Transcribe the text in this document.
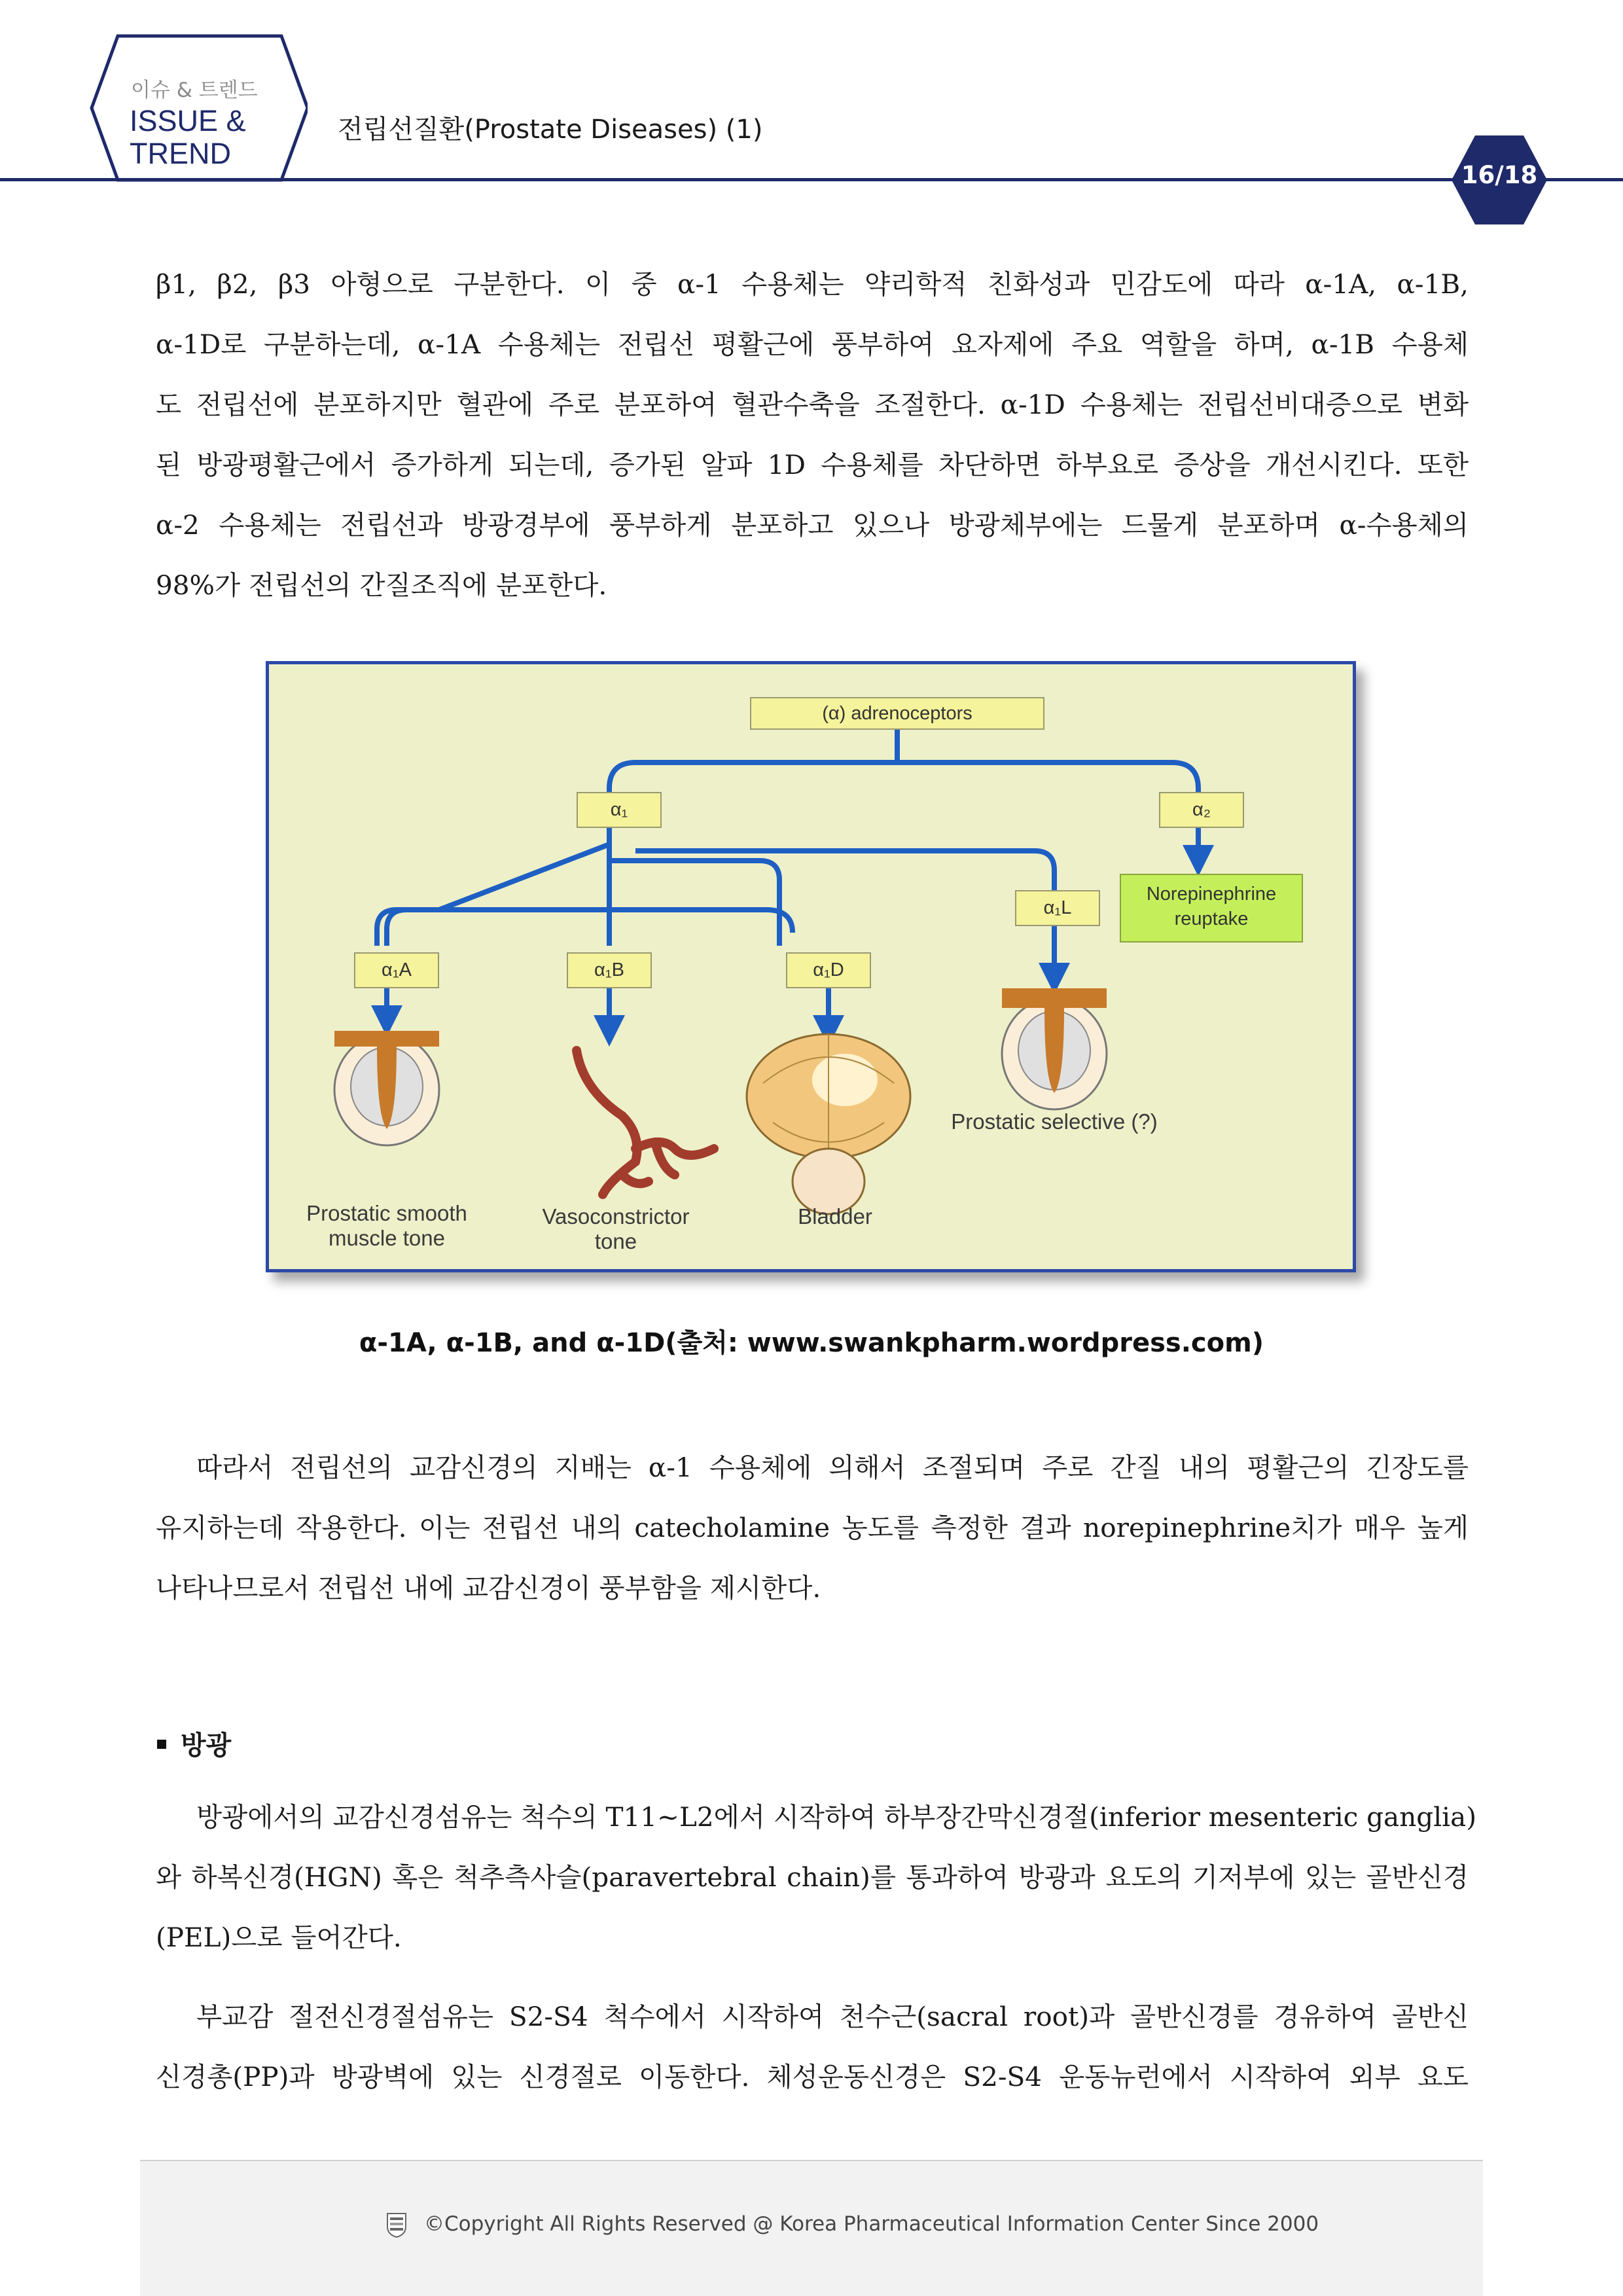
이슈 & 트렌드
ISSUE &
TREND
전립선질환(Prostate Diseases) (1)
16/18
β1, β2, β3 아형으로 구분한다. 이 중 α-1 수용체는 약리학적 친화성과 민감도에 따라 α-1A, α-1B,
α-1D로 구분하는데, α-1A 수용체는 전립선 평활근에 풍부하여 요자제에 주요 역할을 하며, α-1B 수용체
도 전립선에 분포하지만 혈관에 주로 분포하여 혈관수축을 조절한다. α-1D 수용체는 전립선비대증으로 변화
된 방광평활근에서 증가하게 되는데, 증가된 알파 1D 수용체를 차단하면 하부요로 증상을 개선시킨다. 또한
α-2 수용체는 전립선과 방광경부에 풍부하게 분포하고 있으나 방광체부에는 드물게 분포하며 α-수용체의
98%가 전립선의 간질조직에 분포한다.
(α) adrenoceptors
α₁	α₂
Norepinephrine
reuptake
α₁L
α₁A	α₁B	α₁D
Prostatic selective (?)
Prostatic smooth
muscle tone
Vasoconstrictor
tone
Bladder
α-1A, α-1B, and α-1D(출처: www.swankpharm.wordpress.com)
따라서 전립선의 교감신경의 지배는 α-1 수용체에 의해서 조절되며 주로 간질 내의 평활근의 긴장도를
유지하는데 작용한다. 이는 전립선 내의 catecholamine 농도를 측정한 결과 norepinephrine치가 매우 높게
나타나므로서 전립선 내에 교감신경이 풍부함을 제시한다.
방광
방광에서의 교감신경섬유는 척수의 T11~L2에서 시작하여 하부장간막신경절(inferior mesenteric ganglia)
와 하복신경(HGN) 혹은 척추측사슬(paravertebral chain)를 통과하여 방광과 요도의 기저부에 있는 골반신경
(PEL)으로 들어간다.
부교감 절전신경절섬유는 S2-S4 척수에서 시작하여 천수근(sacral root)과 골반신경를 경유하여 골반신
신경총(PP)과 방광벽에 있는 신경절로 이동한다. 체성운동신경은 S2-S4 운동뉴런에서 시작하여 외부 요도
©Copyright All Rights Reserved @ Korea Pharmaceutical Information Center Since 2000
